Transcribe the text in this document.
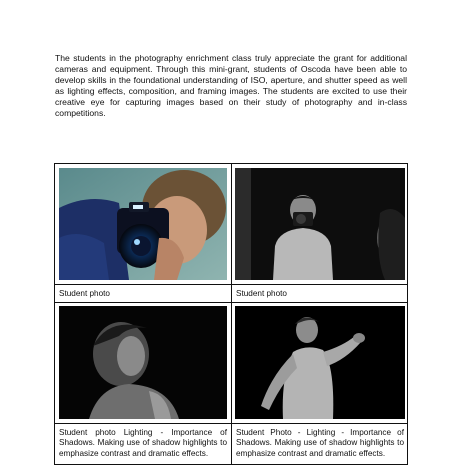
The students in the photography enrichment class truly appreciate the grant for additional cameras and equipment. Through this mini-grant, students of Oscoda have been able to develop skills in the foundational understanding of ISO, aperture, and shutter speed as well as lighting effects, composition, and framing images. The students are excited to use their creative eye for capturing images based on their study of photography and in-class competitions.

Student photo	Student photo

Student photo Lighting - Importance of Shadows. Making use of shadow highlights to emphasize contrast and dramatic effects.

Student Photo - Lighting - Importance of Shadows. Making use of shadow highlights to emphasize contrast and dramatic effects.
